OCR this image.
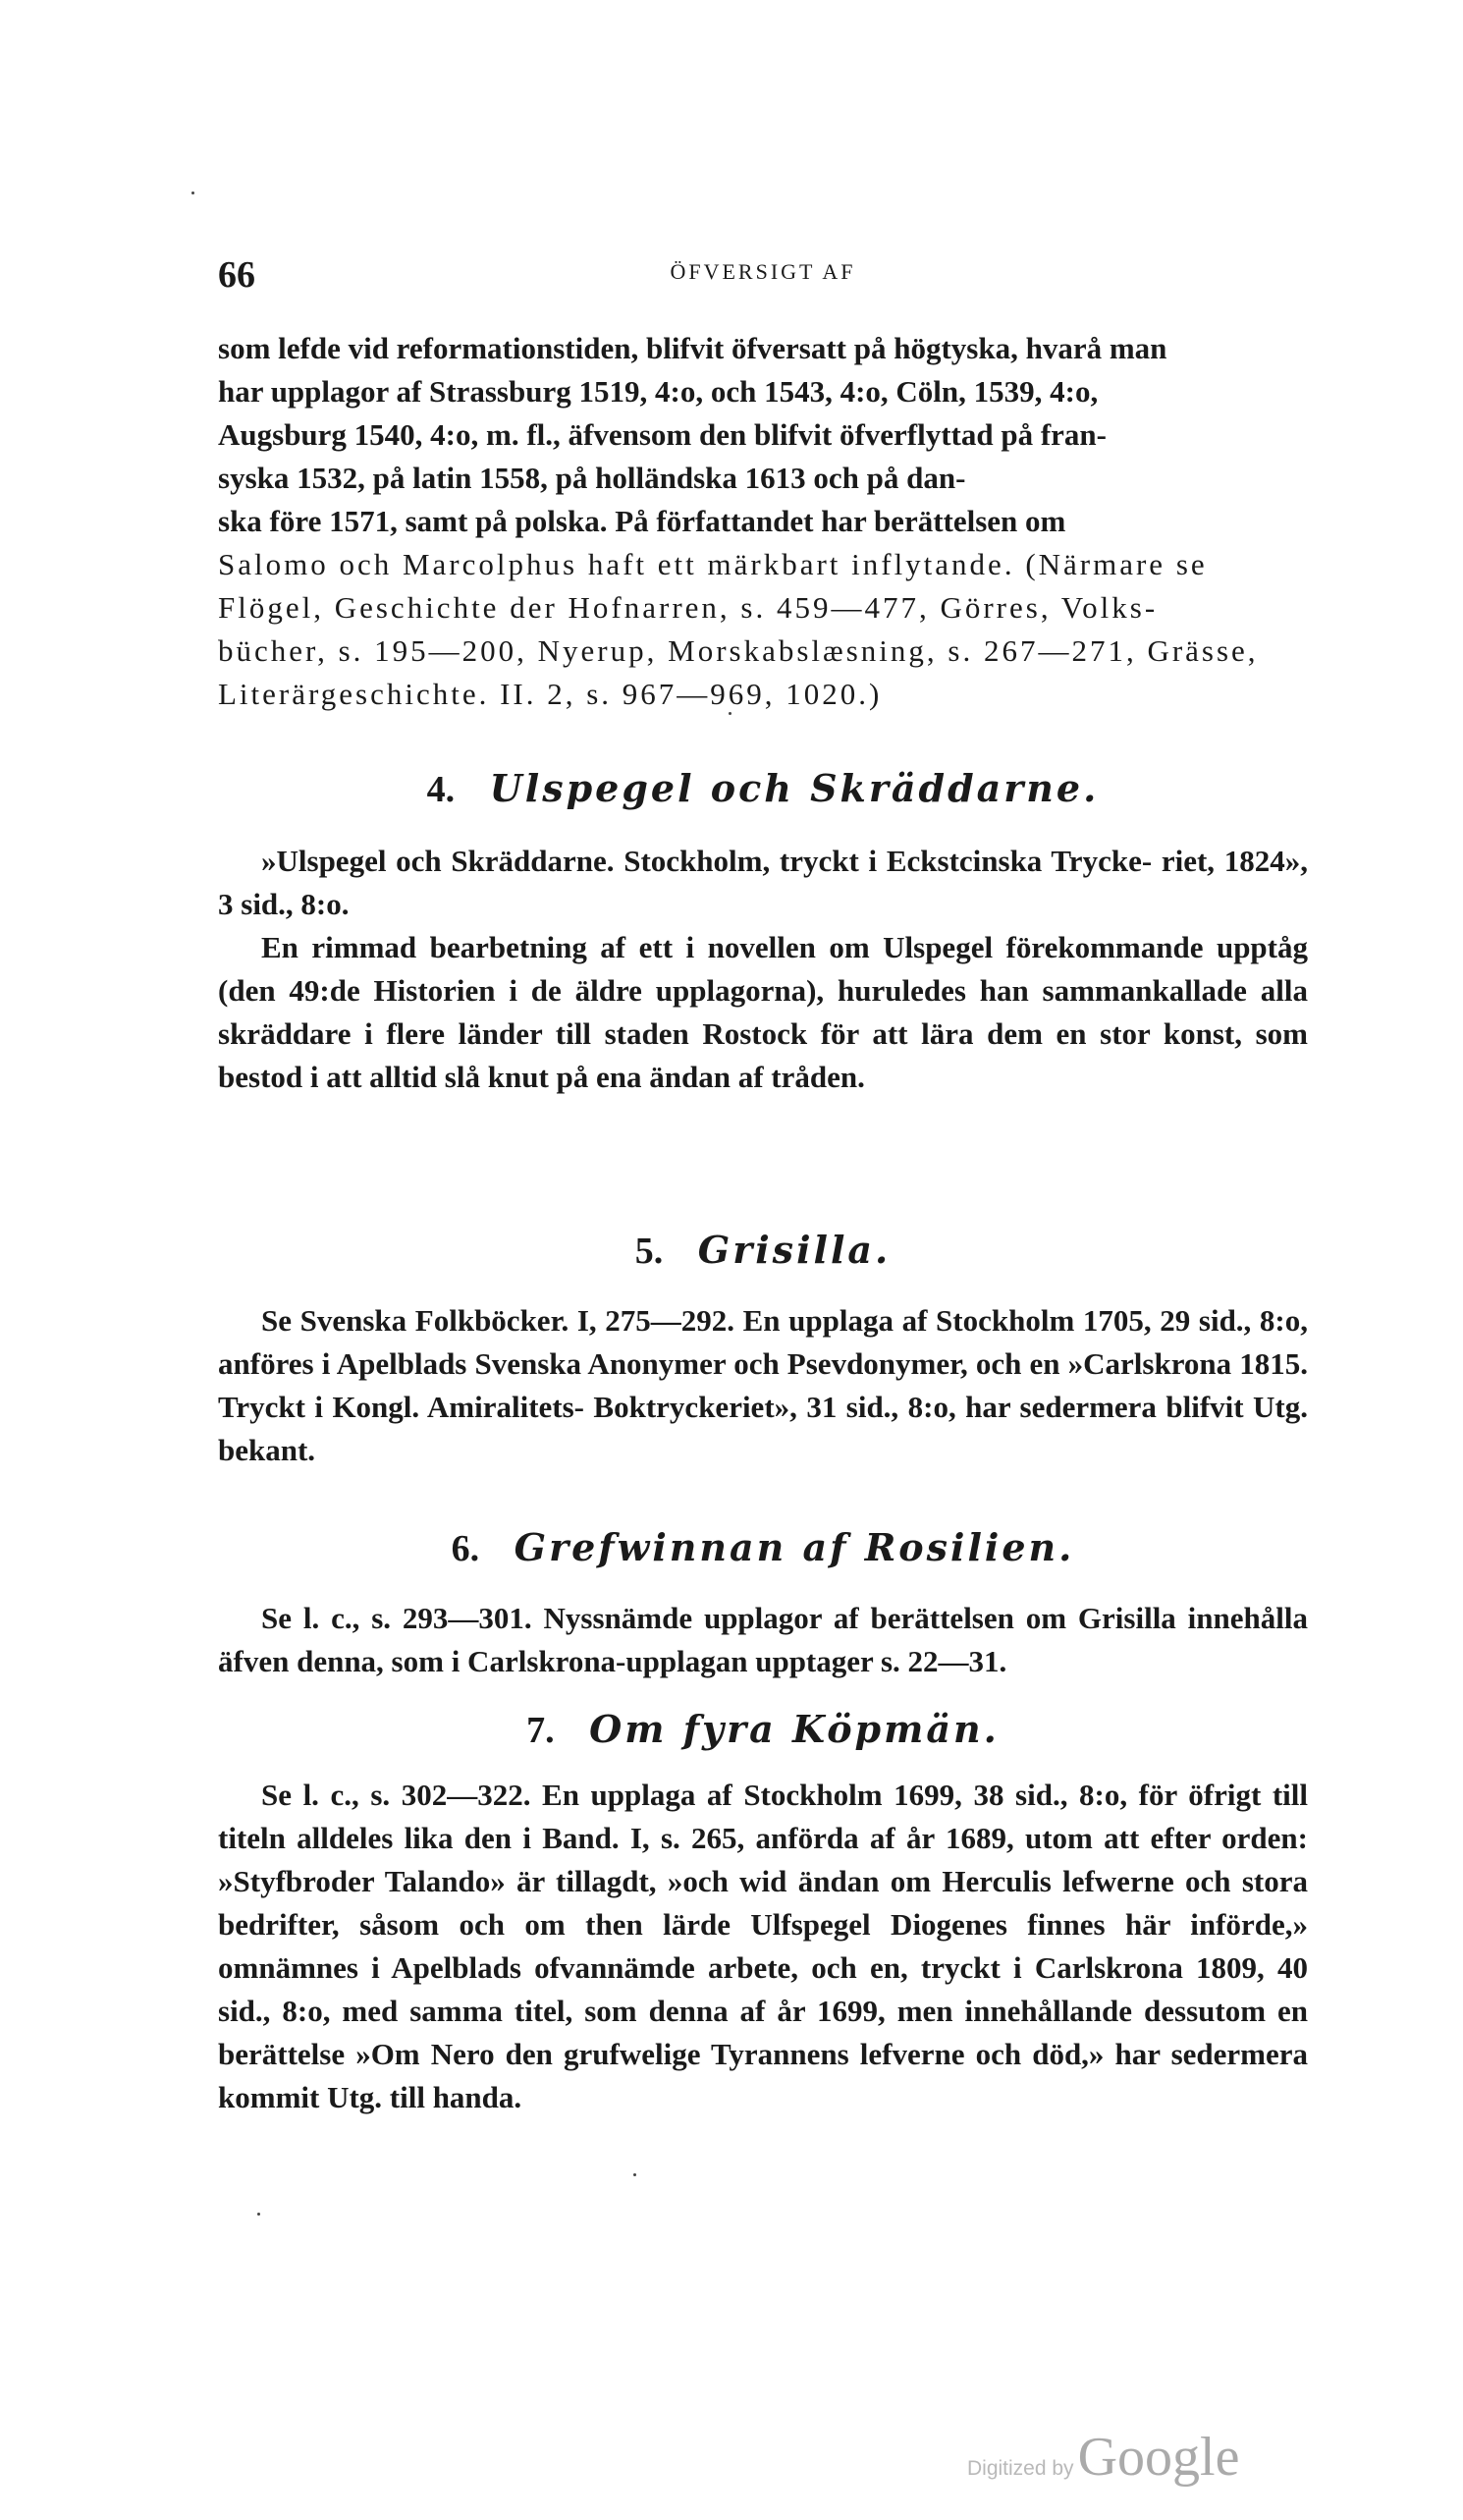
66	ÖFVERSIGT AF
som lefde vid reformationstiden, blifvit öfversatt på högtyska, hvarå man
har upplagor af Strassburg 1519, 4:o, och 1543, 4:o, Cöln, 1539, 4:o,
Augsburg 1540, 4:o, m. fl., äfvensom den blifvit öfverflyttad på fran-
syska 1532, på latin 1558, på holländska 1613 och på dan-
ska före 1571, samt på polska. På författandet har berättelsen om
Salomo och Marcolphus haft ett märkbart inflytande. (Närmare se
Flögel, Geschichte der Hofnarren, s. 459—477, Görres, Volks-
bücher, s. 195—200, Nyerup, Morskabslæsning, s. 267—271, Grässe,
Literärgeschichte. II. 2, s. 967—969, 1020.)
4. Ulspegel och Skräddarne.

»Ulspegel och Skräddarne. Stockholm, tryckt i Eckstcinska Trycke- riet, 1824», 3 sid., 8:o.

En rimmad bearbetning af ett i novellen om Ulspegel förekommande upptåg (den 49:de Historien i de äldre upplagorna), huruledes han sammankallade alla skräddare i flere länder till staden Rostock för att lära dem en stor konst, som bestod i att alltid slå knut på ena ändan af tråden.

5. Grisilla.

Se Svenska Folkböcker. I, 275—292. En upplaga af Stockholm 1705, 29 sid., 8:o, anföres i Apelblads Svenska Anonymer och Psevdonymer, och en »Carlskrona 1815. Tryckt i Kongl. Amiralitets- Boktryckeriet», 31 sid., 8:o, har sedermera blifvit Utg. bekant.

6. Grefwinnan af Rosilien.

Se l. c., s. 293—301. Nyssnämde upplagor af berättelsen om Grisilla innehålla äfven denna, som i Carlskrona-upplagan upptager s. 22—31.

7. Om fyra Köpmän.

Se l. c., s. 302—322. En upplaga af Stockholm 1699, 38 sid., 8:o, för öfrigt till titeln alldeles lika den i Band. I, s. 265, anförda af år 1689, utom att efter orden: »Styfbroder Talando» är tillagdt, »och wid ändan om Herculis lefwerne och stora bedrifter, såsom och om then lärde Ulfspegel Diogenes finnes här införde,» omnämnes i Apelblads ofvannämde arbete, och en, tryckt i Carlskrona 1809, 40 sid., 8:o, med samma titel, som denna af år 1699, men innehållande dessutom en berättelse »Om Nero den grufwelige Tyrannens lefverne och död,» har sedermera kommit Utg. till handa.

Digitized by Google
